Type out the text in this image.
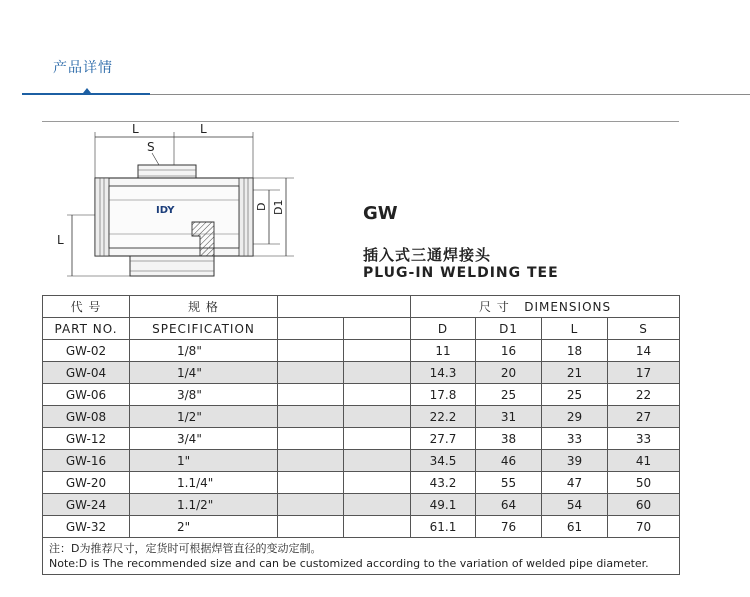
产品详情
L	L
S
IDY	D D1
L
GW
插入式三通焊接头
PLUG-IN WELDING TEE
代 号	规 格			尺 寸 DIMENSIONS			
PART NO.	SPECIFICATION			D	D1	L	S
GW-02	1/8"			11	16	18	14
GW-04	1/4"			14.3	20	21	17
GW-06	3/8"			17.8	25	25	22
GW-08	1/2"			22.2	31	29	27
GW-12	3/4"			27.7	38	33	33
GW-16	1"			34.5	46	39	41
GW-20	1.1/4"			43.2	55	47	50
GW-24	1.1/2"			49.1	64	54	60
GW-32	2"			61.1	76	61	70

注：D为推荐尺寸，定货时可根据焊管直径的变动定制。
Note:D is The recommended size and can be customized according to the variation of welded pipe diameter.							
